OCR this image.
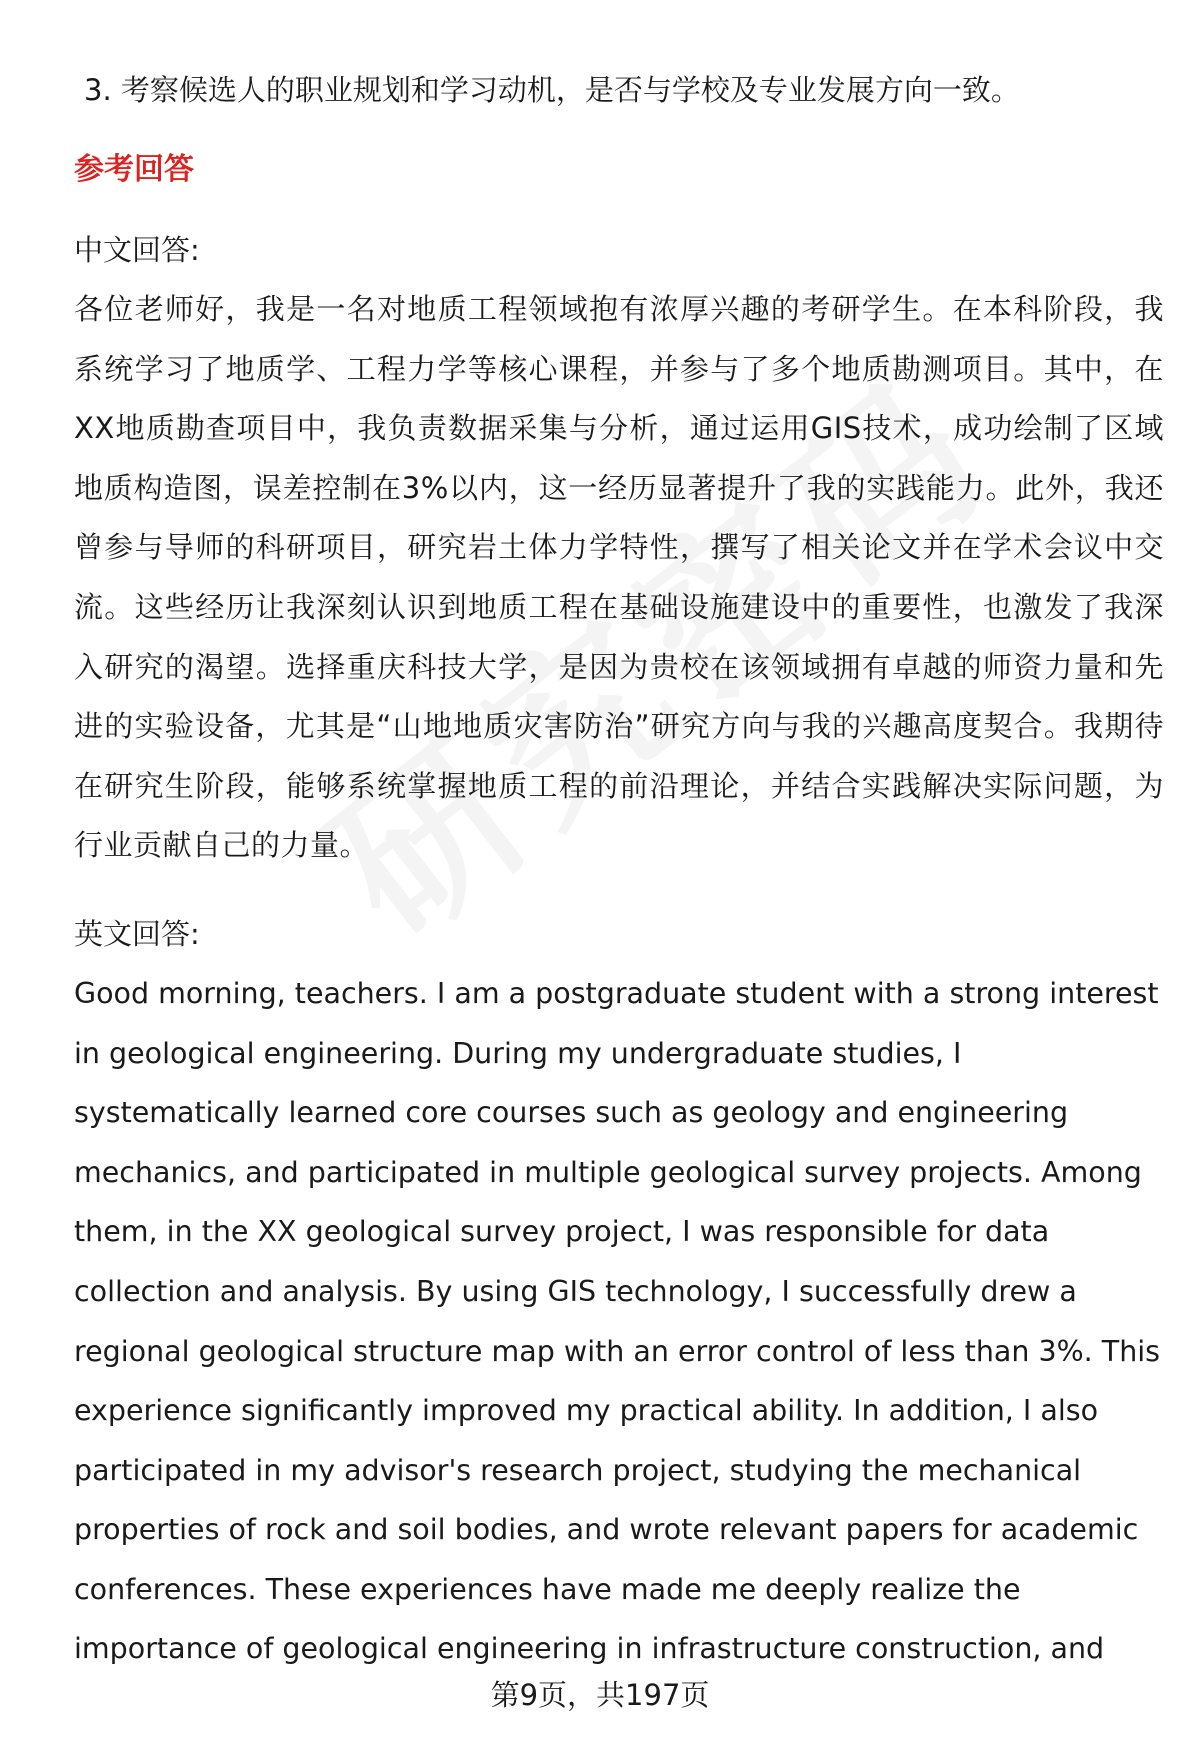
3. 考察候选人的职业规划和学习动机，是否与学校及专业发展方向一致。
参考回答
中文回答:

各位老师好，我是一名对地质工程领域抱有浓厚兴趣的考研学生。在本科阶段，我系统学习了地质学、工程力学等核心课程，并参与了多个地质勘测项目。其中，在XX地质勘查项目中，我负责数据采集与分析，通过运用GIS技术，成功绘制了区域地质构造图，误差控制在3%以内，这一经历显著提升了我的实践能力。此外，我还曾参与导师的科研项目，研究岩土体力学特性，撰写了相关论文并在学术会议中交流。这些经历让我深刻认识到地质工程在基础设施建设中的重要性，也激发了我深入研究的渴望。选择重庆科技大学，是因为贵校在该领域拥有卓越的师资力量和先进的实验设备，尤其是“山地地质灾害防治”研究方向与我的兴趣高度契合。我期待在研究生阶段，能够系统掌握地质工程的前沿理论，并结合实践解决实际问题，为行业贡献自己的力量。

英文回答:

Good morning, teachers. I am a postgraduate student with a strong interest in geological engineering. During my undergraduate studies, I systematically learned core courses such as geology and engineering mechanics, and participated in multiple geological survey projects. Among them, in the XX geological survey project, I was responsible for data collection and analysis. By using GIS technology, I successfully drew a regional geological structure map with an error control of less than 3%. This experience significantly improved my practical ability. In addition, I also participated in my advisor's research project, studying the mechanical properties of rock and soil bodies, and wrote relevant papers for academic conferences. These experiences have made me deeply realize the importance of geological engineering in infrastructure construction, and

第9页，共197页
